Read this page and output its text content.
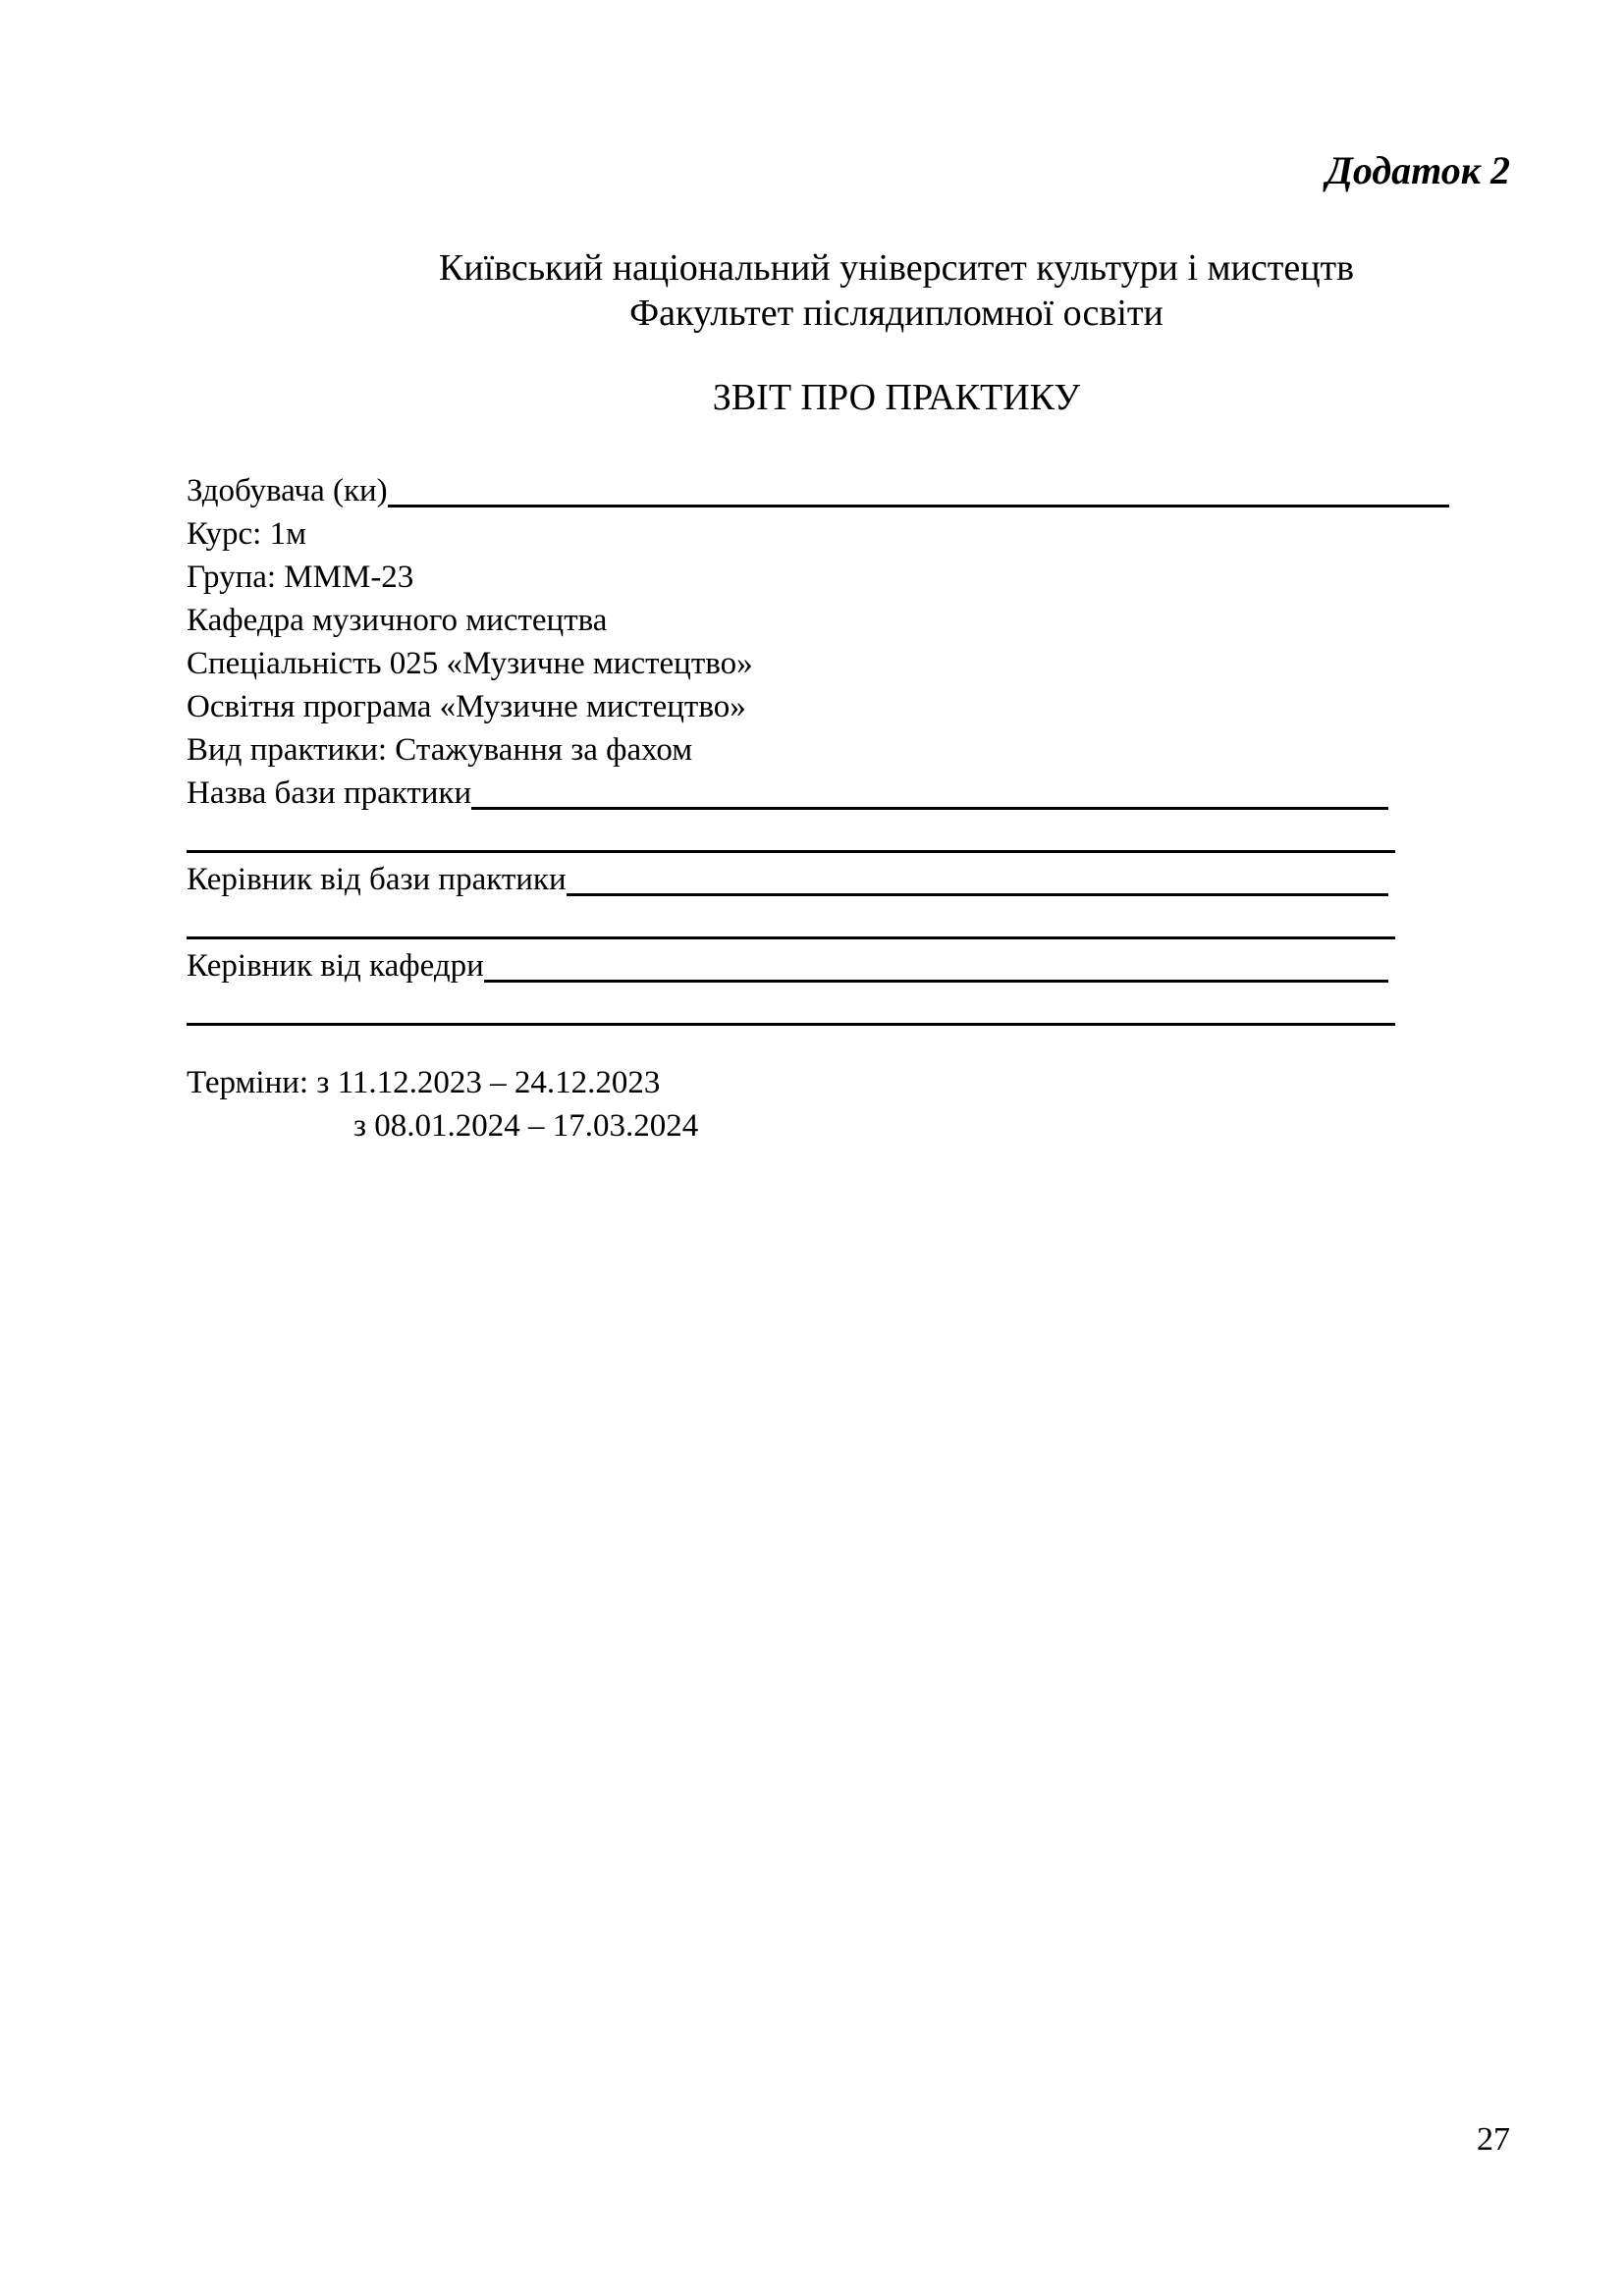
Додаток 2
Київський національний університет культури і мистецтв
Факультет післядипломної освіти
ЗВІТ ПРО ПРАКТИКУ
Здобувача (ки)
Курс: 1м
Група: МММ-23
Кафедра музичного мистецтва
Спеціальність 025 «Музичне мистецтво»
Освітня програма «Музичне мистецтво»
Вид практики: Стажування за фахом
Назва бази практики
Керівник від бази практики
Керівник від кафедри
Терміни: з 11.12.2023 – 24.12.2023
з 08.01.2024 – 17.03.2024
27
